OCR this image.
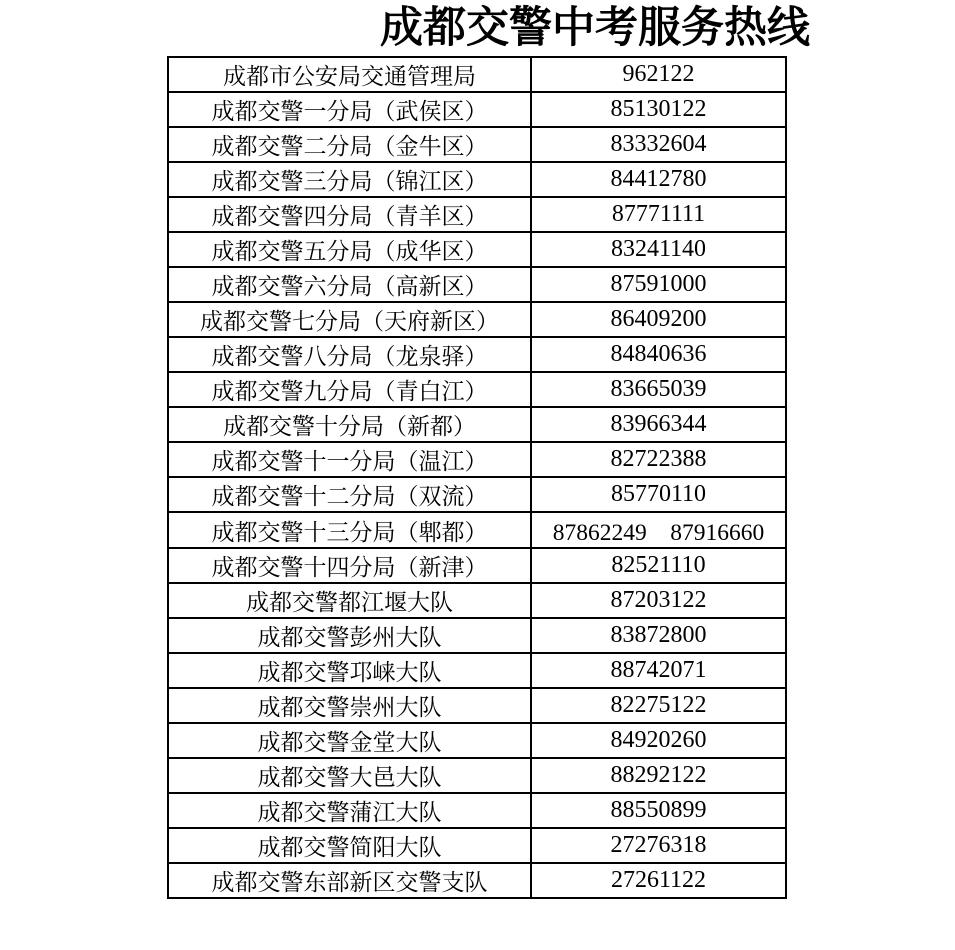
成都交警中考服务热线
成都市公安局交通管理局	962122
成都交警一分局（武侯区）	85130122
成都交警二分局（金牛区）	83332604
成都交警三分局（锦江区）	84412780
成都交警四分局（青羊区）	87771111
成都交警五分局（成华区）	83241140
成都交警六分局（高新区）	87591000
成都交警七分局（天府新区）	86409200
成都交警八分局（龙泉驿）	84840636
成都交警九分局（青白江）	83665039
成都交警十分局（新都）	83966344
成都交警十一分局（温江）	82722388
成都交警十二分局（双流）	85770110
成都交警十三分局（郫都）	87862249　87916660
成都交警十四分局（新津）	82521110
成都交警都江堰大队	87203122
成都交警彭州大队	83872800
成都交警邛崃大队	88742071
成都交警崇州大队	82275122
成都交警金堂大队	84920260
成都交警大邑大队	88292122
成都交警蒲江大队	88550899
成都交警简阳大队	27276318
成都交警东部新区交警支队	27261122
